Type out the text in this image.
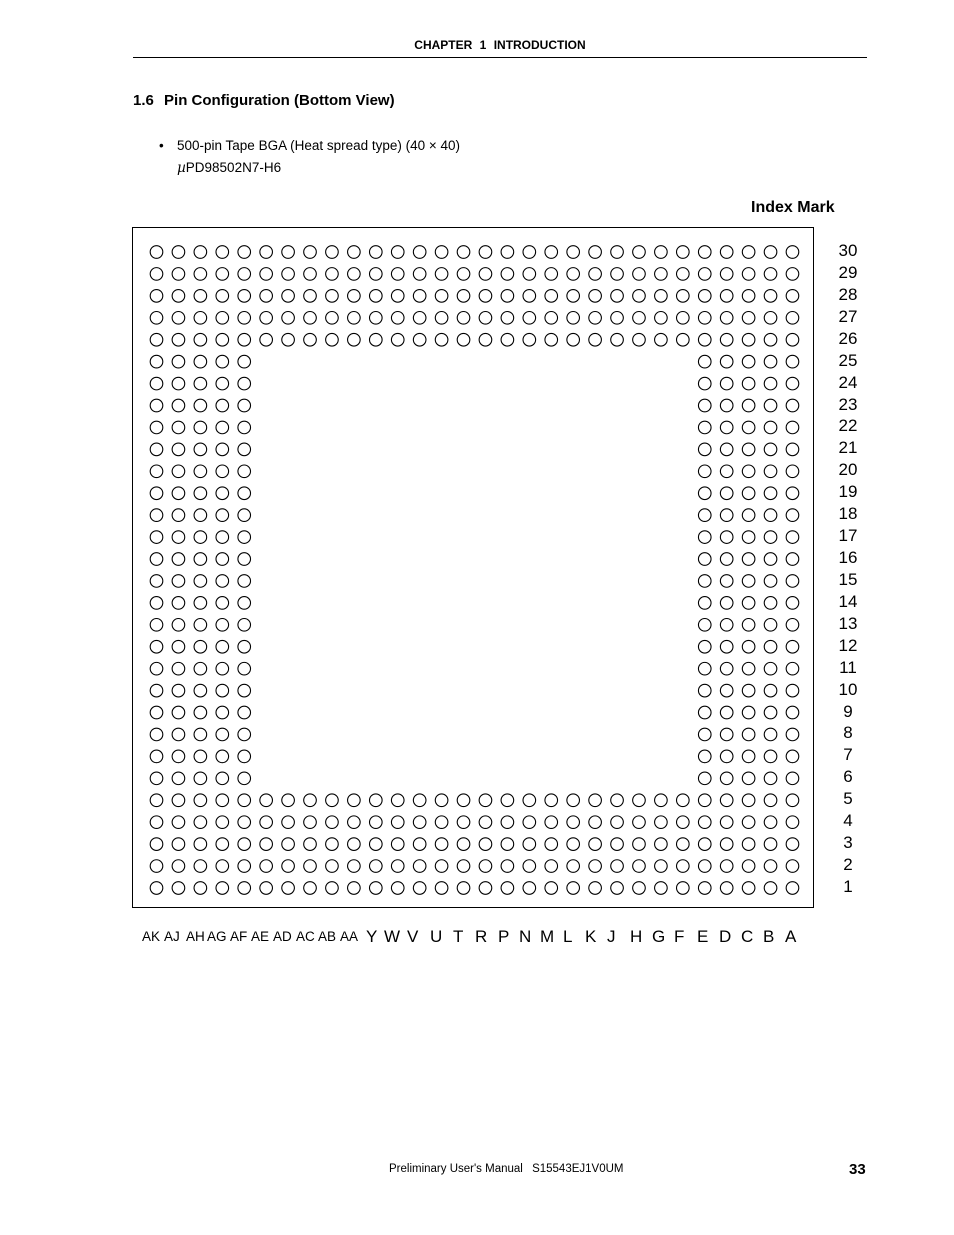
CHAPTER 1 INTRODUCTION
1.6 Pin Configuration (Bottom View)
• 500-pin Tape BGA (Heat spread type) (40 × 40)
µPD98502N7-H6
Index Mark
30
29
28
27
26
25
24
23
22
21
20
19
18
17
16
15
14
13
12
11
10
9
8
7
6
5
4
3
2
1
AK AJ AH AG AF AE AD AC AB AA Y W V U T R P N M L K J H G F E D C B A
Preliminary User's Manual S15543EJ1V0UM	33
